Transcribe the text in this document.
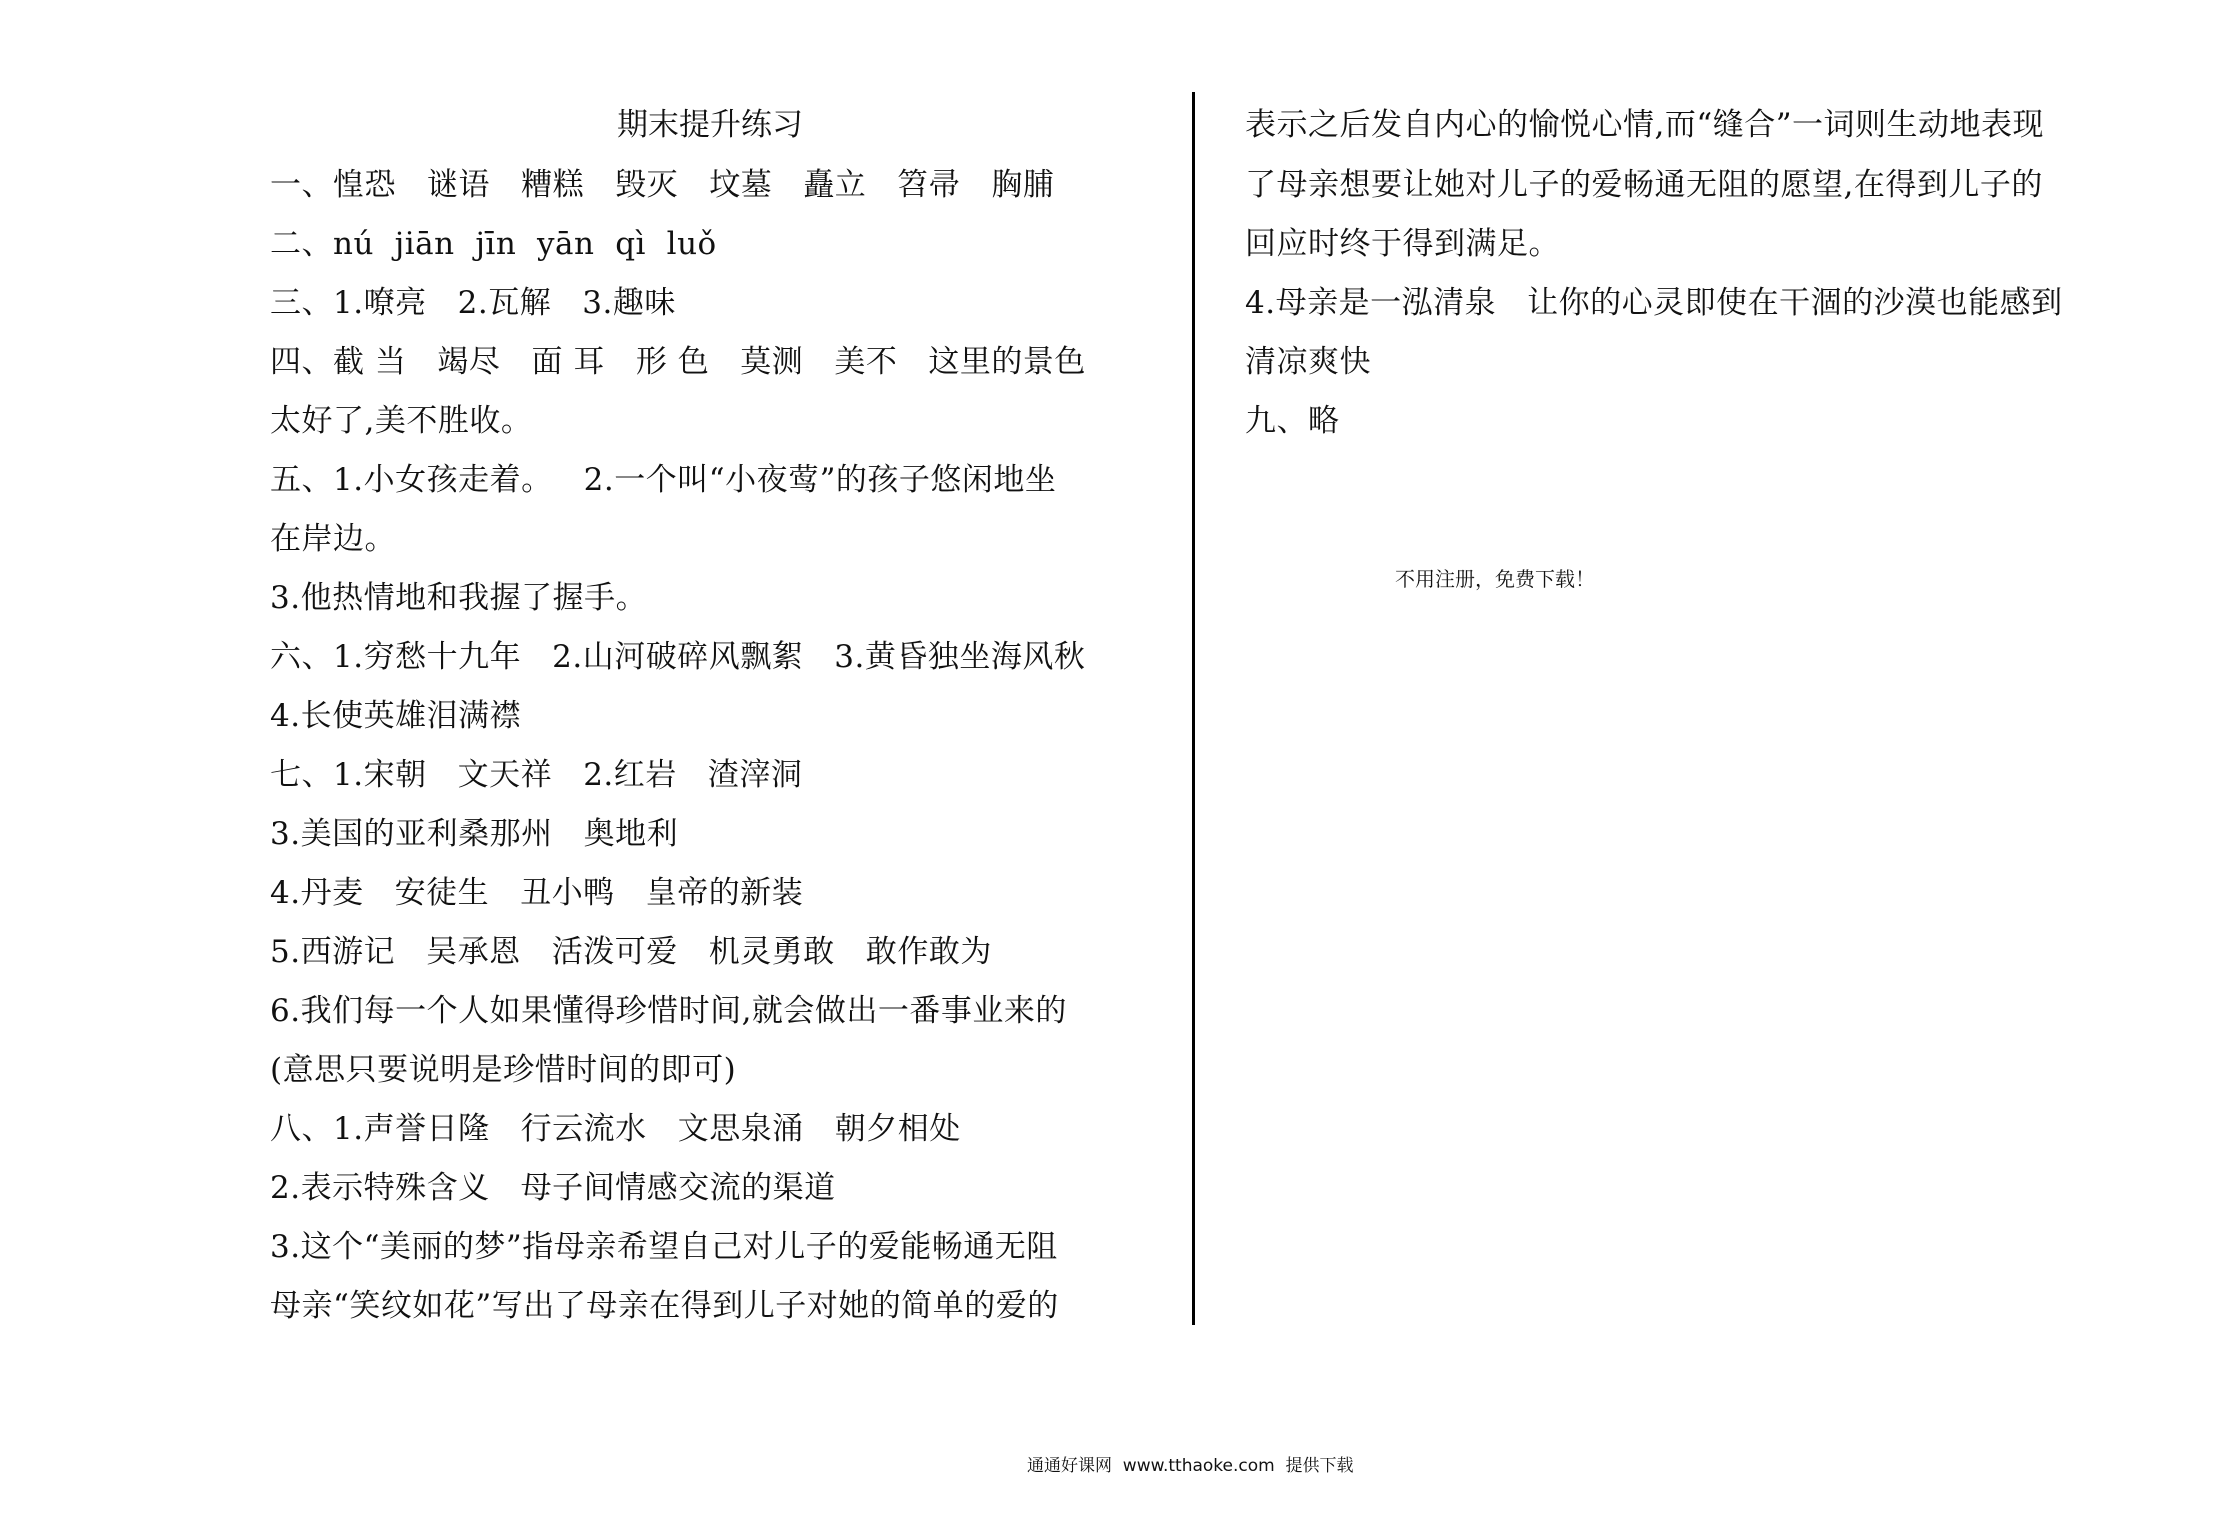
期末提升练习
一、惶恐   谜语   糟糕   毁灭   坟墓   矗立   笤帚   胸脯
二、nú  jiān  jīn  yān  qì  luǒ
三、1.嘹亮   2.瓦解   3.趣味
四、截 当   竭尽   面 耳   形 色   莫测   美不   这里的景色
太好了,美不胜收。
五、1.小女孩走着。   2.一个叫“小夜莺”的孩子悠闲地坐
在岸边。
3.他热情地和我握了握手。
六、1.穷愁十九年   2.山河破碎风飘絮   3.黄昏独坐海风秋
4.长使英雄泪满襟
七、1.宋朝   文天祥   2.红岩   渣滓洞
3.美国的亚利桑那州   奥地利
4.丹麦   安徒生   丑小鸭   皇帝的新装
5.西游记   吴承恩   活泼可爱   机灵勇敢   敢作敢为
6.我们每一个人如果懂得珍惜时间,就会做出一番事业来的
(意思只要说明是珍惜时间的即可)
八、1.声誉日隆   行云流水   文思泉涌   朝夕相处
2.表示特殊含义   母子间情感交流的渠道
3.这个“美丽的梦”指母亲希望自己对儿子的爱能畅通无阻
母亲“笑纹如花”写出了母亲在得到儿子对她的简单的爱的
表示之后发自内心的愉悦心情,而“缝合”一词则生动地表现
了母亲想要让她对儿子的爱畅通无阻的愿望,在得到儿子的
回应时终于得到满足。
4.母亲是一泓清泉   让你的心灵即使在干涸的沙漠也能感到
清凉爽快
九、略
不用注册，免费下载！
通通好课网  www.tthaoke.com  提供下载
